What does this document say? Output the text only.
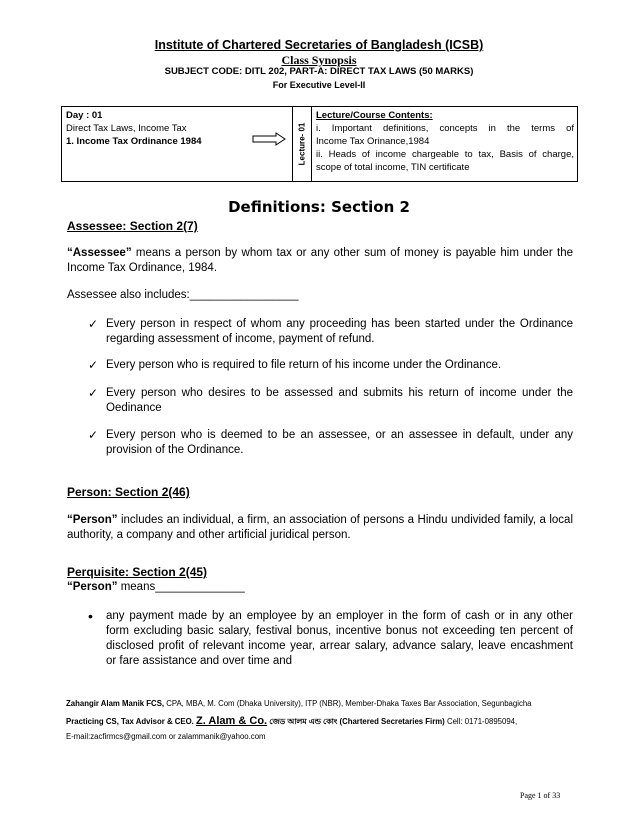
Institute of Chartered Secretaries of Bangladesh (ICSB)
Class Synopsis
SUBJECT CODE: DITL 202, PART-A: DIRECT TAX LAWS (50 MARKS)
For Executive Level-II
Day : 01
Direct Tax Laws, Income Tax
1. Income Tax Ordinance 1984	Lecture- 01
Lecture/Course Contents:
i. Important definitions, concepts in the terms of
Income Tax Orinance,1984
ii. Heads of income chargeable to tax, Basis of charge,
scope of total income, TIN certificate
Definitions: Section 2
Assessee: Section 2(7)
“Assessee” means a person by whom tax or any other sum of money is payable him under the
Income Tax Ordinance, 1984.
Assessee also includes:_________________
✓ Every person in respect of whom any proceeding has been started under the Ordinance
regarding assessment of income, payment of refund.
✓ Every person who is required to file return of his income under the Ordinance.
✓ Every person who desires to be assessed and submits his return of income under the
Oedinance
✓ Every person who is deemed to be an assessee, or an assessee in default, under any
provision of the Ordinance.
Person: Section 2(46)
“Person” includes an individual, a firm, an association of persons a Hindu undivided family, a local
authority, a company and other artificial juridical person.
Perquisite: Section 2(45)
“Person” means______________
•	any payment made by an employee by an employer in the form of cash or in any other
form excluding basic salary, festival bonus, incentive bonus not exceeding ten percent of
disclosed profit of relevant income year, arrear salary, advance salary, leave encashment
or fare assistance and over time and
Zahangir Alam Manik FCS, CPA, MBA, M. Com (Dhaka University), ITP (NBR), Member-Dhaka Taxes Bar Association, Segunbagicha
Practicing CS, Tax Advisor & CEO. Z. Alam & Co. জেড আলম এন্ড কোং (Chartered Secretaries Firm) Cell: 0171-0895094,
E-mail:zacfirmcs@gmail.com or zalammanik@yahoo.com
Page 1 of 33
